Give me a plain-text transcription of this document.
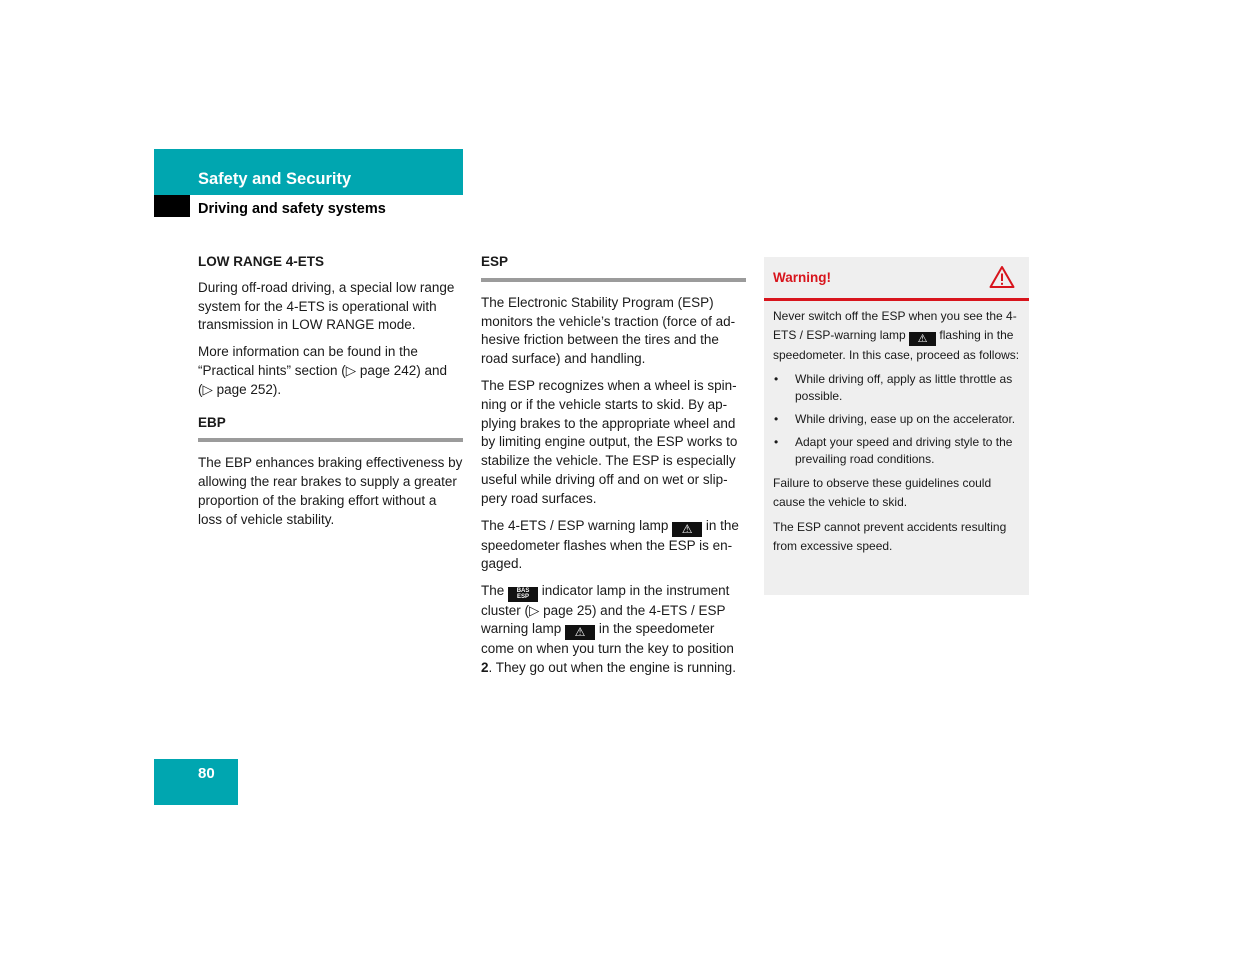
Safety and Security
Driving and safety systems
LOW RANGE 4-ETS

During off-road driving, a special low range system for the 4-ETS is operational with transmission in LOW RANGE mode.

More information can be found in the “Practical hints” section (▷ page 242) and (▷ page 252).

EBP

The EBP enhances braking effectiveness by allowing the rear brakes to supply a greater proportion of the braking effort without a loss of vehicle stability.

ESP

The Electronic Stability Program (ESP) monitors the vehicle’s traction (force of adhesive friction between the tires and the road surface) and handling.

The ESP recognizes when a wheel is spinning or if the vehicle starts to skid. By applying brakes to the appropriate wheel and by limiting engine output, the ESP works to stabilize the vehicle. The ESP is especially useful while driving off and on wet or slippery road surfaces.

The 4-ETS / ESP warning lamp ⚠ in the speedometer flashes when the ESP is engaged.

The BAS
ESP indicator lamp in the instrument cluster (▷ page 25) and the 4-ETS / ESP warning lamp ⚠ in the speedometer come on when you turn the key to position 2. They go out when the engine is running.

Warning!

Never switch off the ESP when you see the 4-ETS / ESP-warning lamp ⚠ flashing in the speedometer. In this case, proceed as follows:

• While driving off, apply as little throttle as possible.
• While driving, ease up on the accelerator.
• Adapt your speed and driving style to the prevailing road conditions.

Failure to observe these guidelines could cause the vehicle to skid.

The ESP cannot prevent accidents resulting from excessive speed.

80
